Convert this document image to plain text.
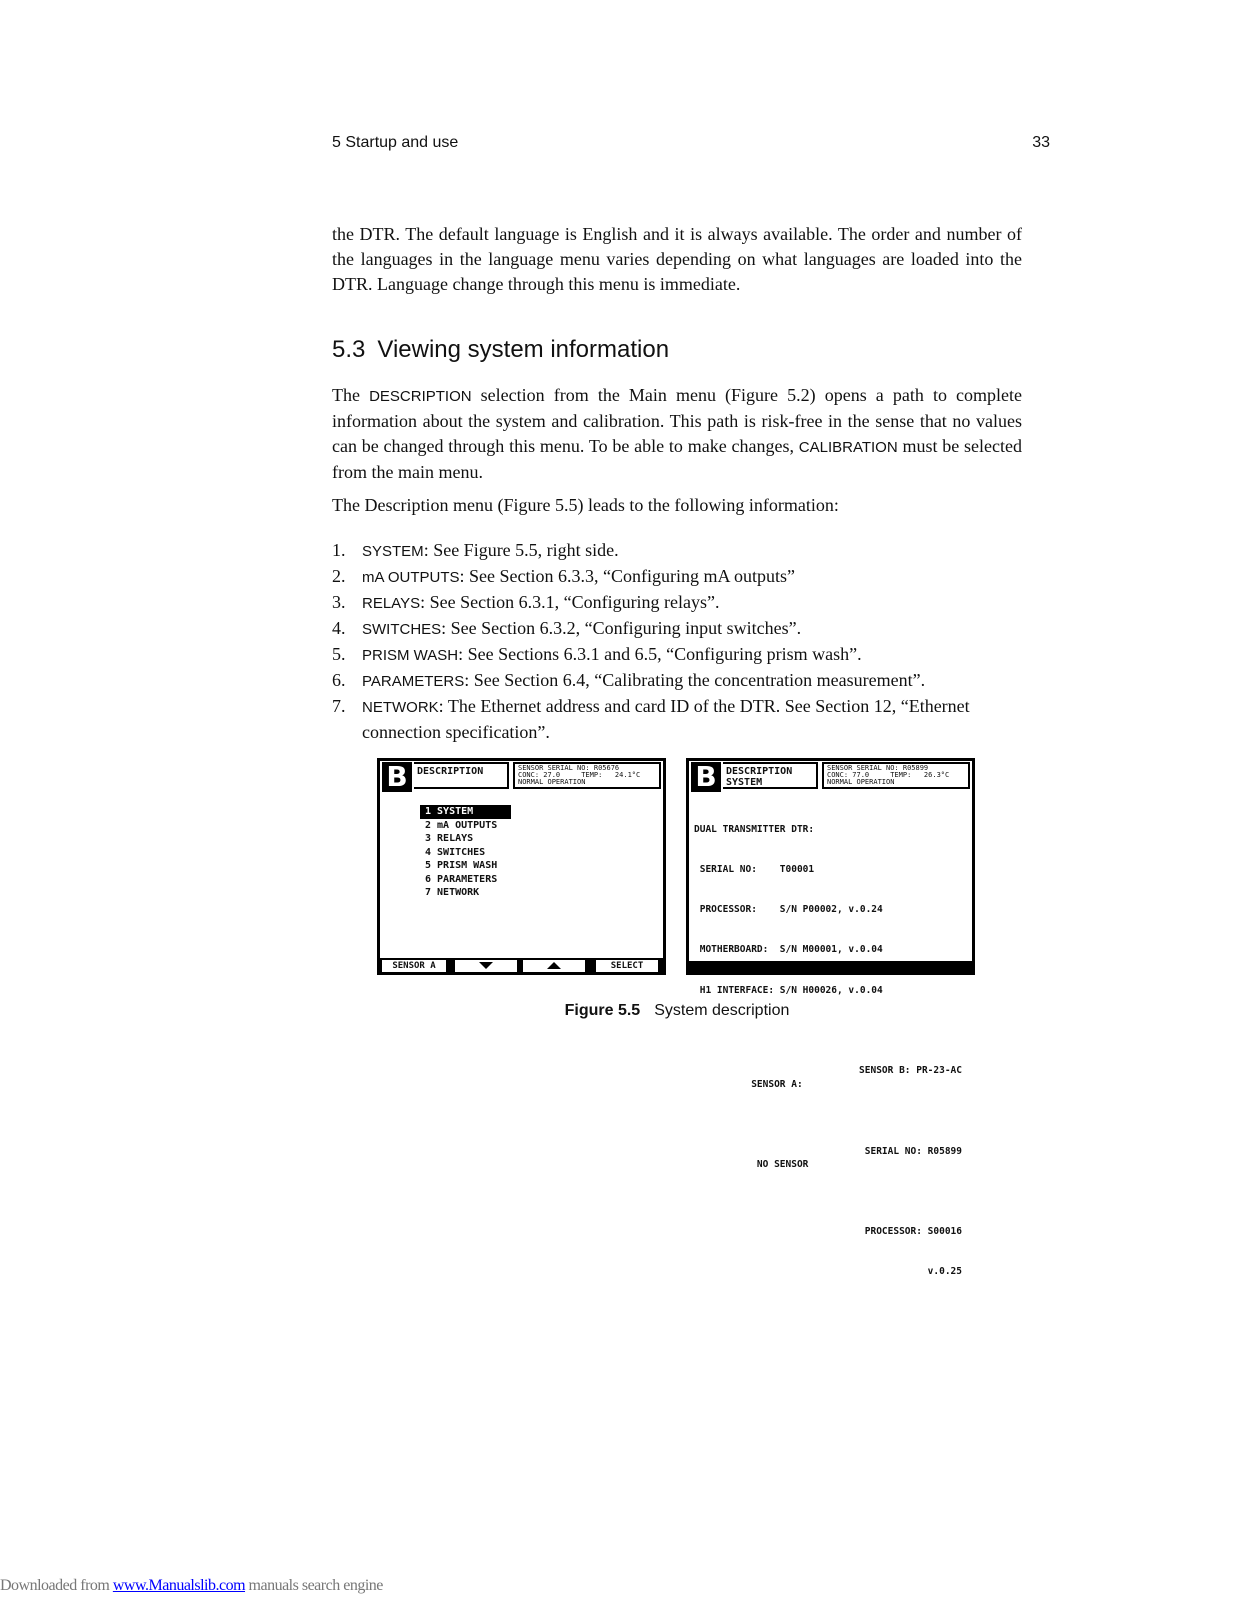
5 Startup and use	33
the DTR. The default language is English and it is always available. The order and number of the languages in the language menu varies depending on what languages are loaded into the DTR. Language change through this menu is immediate.
5.3 Viewing system information
The DESCRIPTION selection from the Main menu (Figure 5.2) opens a path to complete information about the system and calibration. This path is risk-free in the sense that no values can be changed through this menu. To be able to make changes, CALIBRATION must be selected from the main menu.
The Description menu (Figure 5.5) leads to the following information:
1. SYSTEM: See Figure 5.5, right side.
2. mA OUTPUTS: See Section 6.3.3, “Configuring mA outputs”
3. RELAYS: See Section 6.3.1, “Configuring relays”.
4. SWITCHES: See Section 6.3.2, “Configuring input switches”.
5. PRISM WASH: See Sections 6.3.1 and 6.5, “Configuring prism wash”.
6. PARAMETERS: See Section 6.4, “Calibrating the concentration measurement”.
7. NETWORK: The Ethernet address and card ID of the DTR. See Section 12, “Ethernet connection specification”.
B DESCRIPTION	SENSOR SERIAL NO: R05676
CONC: 27.0     TEMP:   24.1°C
NORMAL OPERATION
1 SYSTEM
2 mA OUTPUTS
3 RELAYS
4 SWITCHES
5 PRISM WASH
6 PARAMETERS
7 NETWORK
SENSOR A	SELECT
B DESCRIPTION
SYSTEM
SENSOR SERIAL NO: R05899
CONC: 77.0     TEMP:   26.3°C
NORMAL OPERATION

DUAL TRANSMITTER DTR:

SERIAL NO:    T00001

PROCESSOR:    S/N P00002, v.0.24

MOTHERBOARD:  S/N M00001, v.0.04

H1 INTERFACE: S/N H00026, v.0.04

SENSOR A:

SENSOR B: PR-23-AC

NO SENSOR

SERIAL NO: R05899

PROCESSOR: S00016

v.0.25

Figure 5.5 System description
Downloaded from www.Manualslib.com manuals search engine
